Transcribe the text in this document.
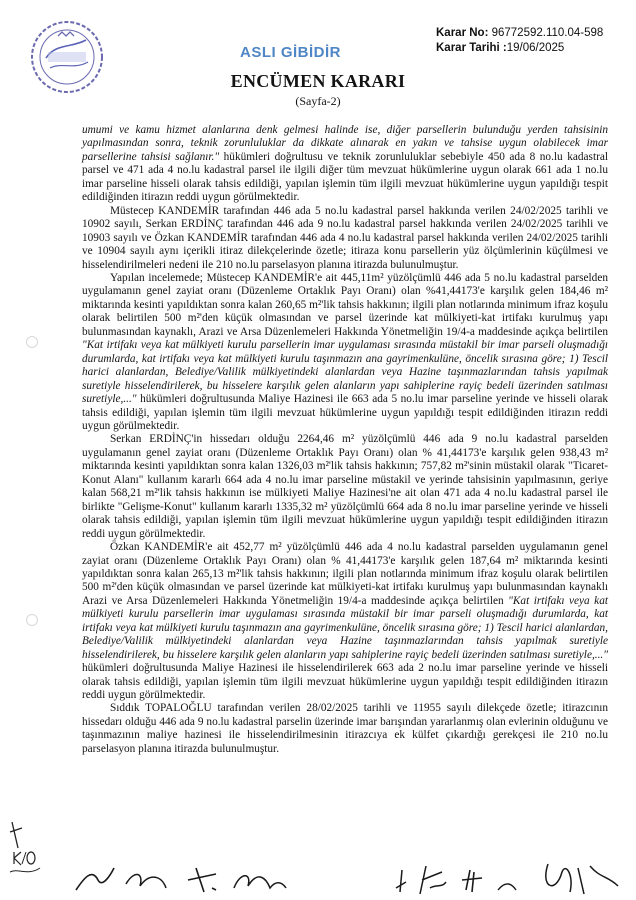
ASLI GİBİDİR
Karar No: 96772592.110.04-598
Karar Tarihi :19/06/2025
ENCÜMEN KARARI
(Sayfa-2)

umumi ve kamu hizmet alanlarına denk gelmesi halinde ise, diğer parsellerin bulunduğu yerden tahsisinin yapılmasından sonra, teknik zorunluluklar da dikkate alınarak en yakın ve tahsise uygun olabilecek imar parsellerine tahsisi sağlanır." hükümleri doğrultusu ve teknik zorunluluklar sebebiyle 450 ada 8 no.lu kadastral parsel ve 471 ada 4 no.lu kadastral parsel ile ilgili diğer tüm mevzuat hükümlerine uygun olarak 661 ada 1 no.lu imar parseline hisseli olarak tahsis edildiği, yapılan işlemin tüm ilgili mevzuat hükümlerine uygun yapıldığı tespit edildiğinden itirazın reddi uygun görülmektedir.

Müstecep KANDEMİR tarafından 446 ada 5 no.lu kadastral parsel hakkında verilen 24/02/2025 tarihli ve 10902 sayılı, Serkan ERDİNÇ tarafından 446 ada 9 no.lu kadastral parsel hakkında verilen 24/02/2025 tarihli ve 10903 sayılı ve Özkan KANDEMİR tarafından 446 ada 4 no.lu kadastral parsel hakkında verilen 24/02/2025 tarihli ve 10904 sayılı aynı içerikli itiraz dilekçelerinde özetle; itiraza konu parsellerin yüz ölçümlerinin küçülmesi ve hisselendirilmeleri nedeni ile 210 no.lu parselasyon planına itirazda bulunulmuştur.

Yapılan incelemede; Müstecep KANDEMİR'e ait 445,11m² yüzölçümlü 446 ada 5 no.lu kadastral parselden uygulamanın genel zayiat oranı (Düzenleme Ortaklık Payı Oranı) olan %41,44173'e karşılık gelen 184,46 m² miktarında kesinti yapıldıktan sonra kalan 260,65 m²'lik tahsis hakkının; ilgili plan notlarında minimum ifraz koşulu olarak belirtilen 500 m²'den küçük olmasından ve parsel üzerinde kat mülkiyeti-kat irtifakı kurulmuş yapı bulunmasından kaynaklı, Arazi ve Arsa Düzenlemeleri Hakkında Yönetmeliğin 19/4-a maddesinde açıkça belirtilen "Kat irtifakı veya kat mülkiyeti kurulu parsellerin imar uygulaması sırasında müstakil bir imar parseli oluşmadığı durumlarda, kat irtifakı veya kat mülkiyeti kurulu taşınmazın ana gayrimenkulüne, öncelik sırasına göre; 1) Tescil harici alanlardan, Belediye/Valilik mülkiyetindeki alanlardan veya Hazine taşınmazlarından tahsis yapılmak suretiyle hisselendirilerek, bu hisselere karşılık gelen alanların yapı sahiplerine rayiç bedeli üzerinden satılması suretiyle,..." hükümleri doğrultusunda Maliye Hazinesi ile 663 ada 5 no.lu imar parseline yerinde ve hisseli olarak tahsis edildiği, yapılan işlemin tüm ilgili mevzuat hükümlerine uygun yapıldığı tespit edildiğinden itirazın reddi uygun görülmektedir.

Serkan ERDİNÇ'in hissedarı olduğu 2264,46 m² yüzölçümlü 446 ada 9 no.lu kadastral parselden uygulamanın genel zayiat oranı (Düzenleme Ortaklık Payı Oranı) olan % 41,44173'e karşılık gelen 938,43 m² miktarında kesinti yapıldıktan sonra kalan 1326,03 m²'lik tahsis hakkının; 757,82 m²'sinin müstakil olarak "Ticaret-Konut Alanı" kullanım kararlı 664 ada 4 no.lu imar parseline müstakil ve yerinde tahsisinin yapılmasının, geriye kalan 568,21 m²'lik tahsis hakkının ise mülkiyeti Maliye Hazinesi'ne ait olan 471 ada 4 no.lu kadastral parsel ile birlikte "Gelişme-Konut" kullanım kararlı 1335,32 m² yüzölçümlü 664 ada 8 no.lu imar parseline yerinde ve hisseli olarak tahsis edildiği, yapılan işlemin tüm ilgili mevzuat hükümlerine uygun yapıldığı tespit edildiğinden itirazın reddi uygun görülmektedir.

Özkan KANDEMİR'e ait 452,77 m² yüzölçümlü 446 ada 4 no.lu kadastral parselden uygulamanın genel zayiat oranı (Düzenleme Ortaklık Payı Oranı) olan % 41,44173'e karşılık gelen 187,64 m² miktarında kesinti yapıldıktan sonra kalan 265,13 m²'lik tahsis hakkının; ilgili plan notlarında minimum ifraz koşulu olarak belirtilen 500 m²'den küçük olmasından ve parsel üzerinde kat mülkiyeti-kat irtifakı kurulmuş yapı bulunmasından kaynaklı Arazi ve Arsa Düzenlemeleri Hakkında Yönetmeliğin 19/4-a maddesinde açıkça belirtilen "Kat irtifakı veya kat mülkiyeti kurulu parsellerin imar uygulaması sırasında müstakil bir imar parseli oluşmadığı durumlarda, kat irtifakı veya kat mülkiyeti kurulu taşınmazın ana gayrimenkulüne, öncelik sırasına göre; 1) Tescil harici alanlardan, Belediye/Valilik mülkiyetindeki alanlardan veya Hazine taşınmazlarından tahsis yapılmak suretiyle hisselendirilerek, bu hisselere karşılık gelen alanların yapı sahiplerine rayiç bedeli üzerinden satılması suretiyle,..." hükümleri doğrultusunda Maliye Hazinesi ile hisselendirilerek 663 ada 2 no.lu imar parseline yerinde ve hisseli olarak tahsis edildiği, yapılan işlemin tüm ilgili mevzuat hükümlerine uygun yapıldığı tespit edildiğinden itirazın reddi uygun görülmektedir.

Sıddık TOPALOĞLU tarafından verilen 28/02/2025 tarihli ve 11955 sayılı dilekçede özetle; itirazcının hissedarı olduğu 446 ada 9 no.lu kadastral parselin üzerinde imar barışından yararlanmış olan evlerinin olduğunu ve taşınmazının maliye hazinesi ile hisselendirilmesinin itirazcıya ek külfet çıkardığı gerekçesi ile 210 no.lu parselasyon planına itirazda bulunulmuştur.
